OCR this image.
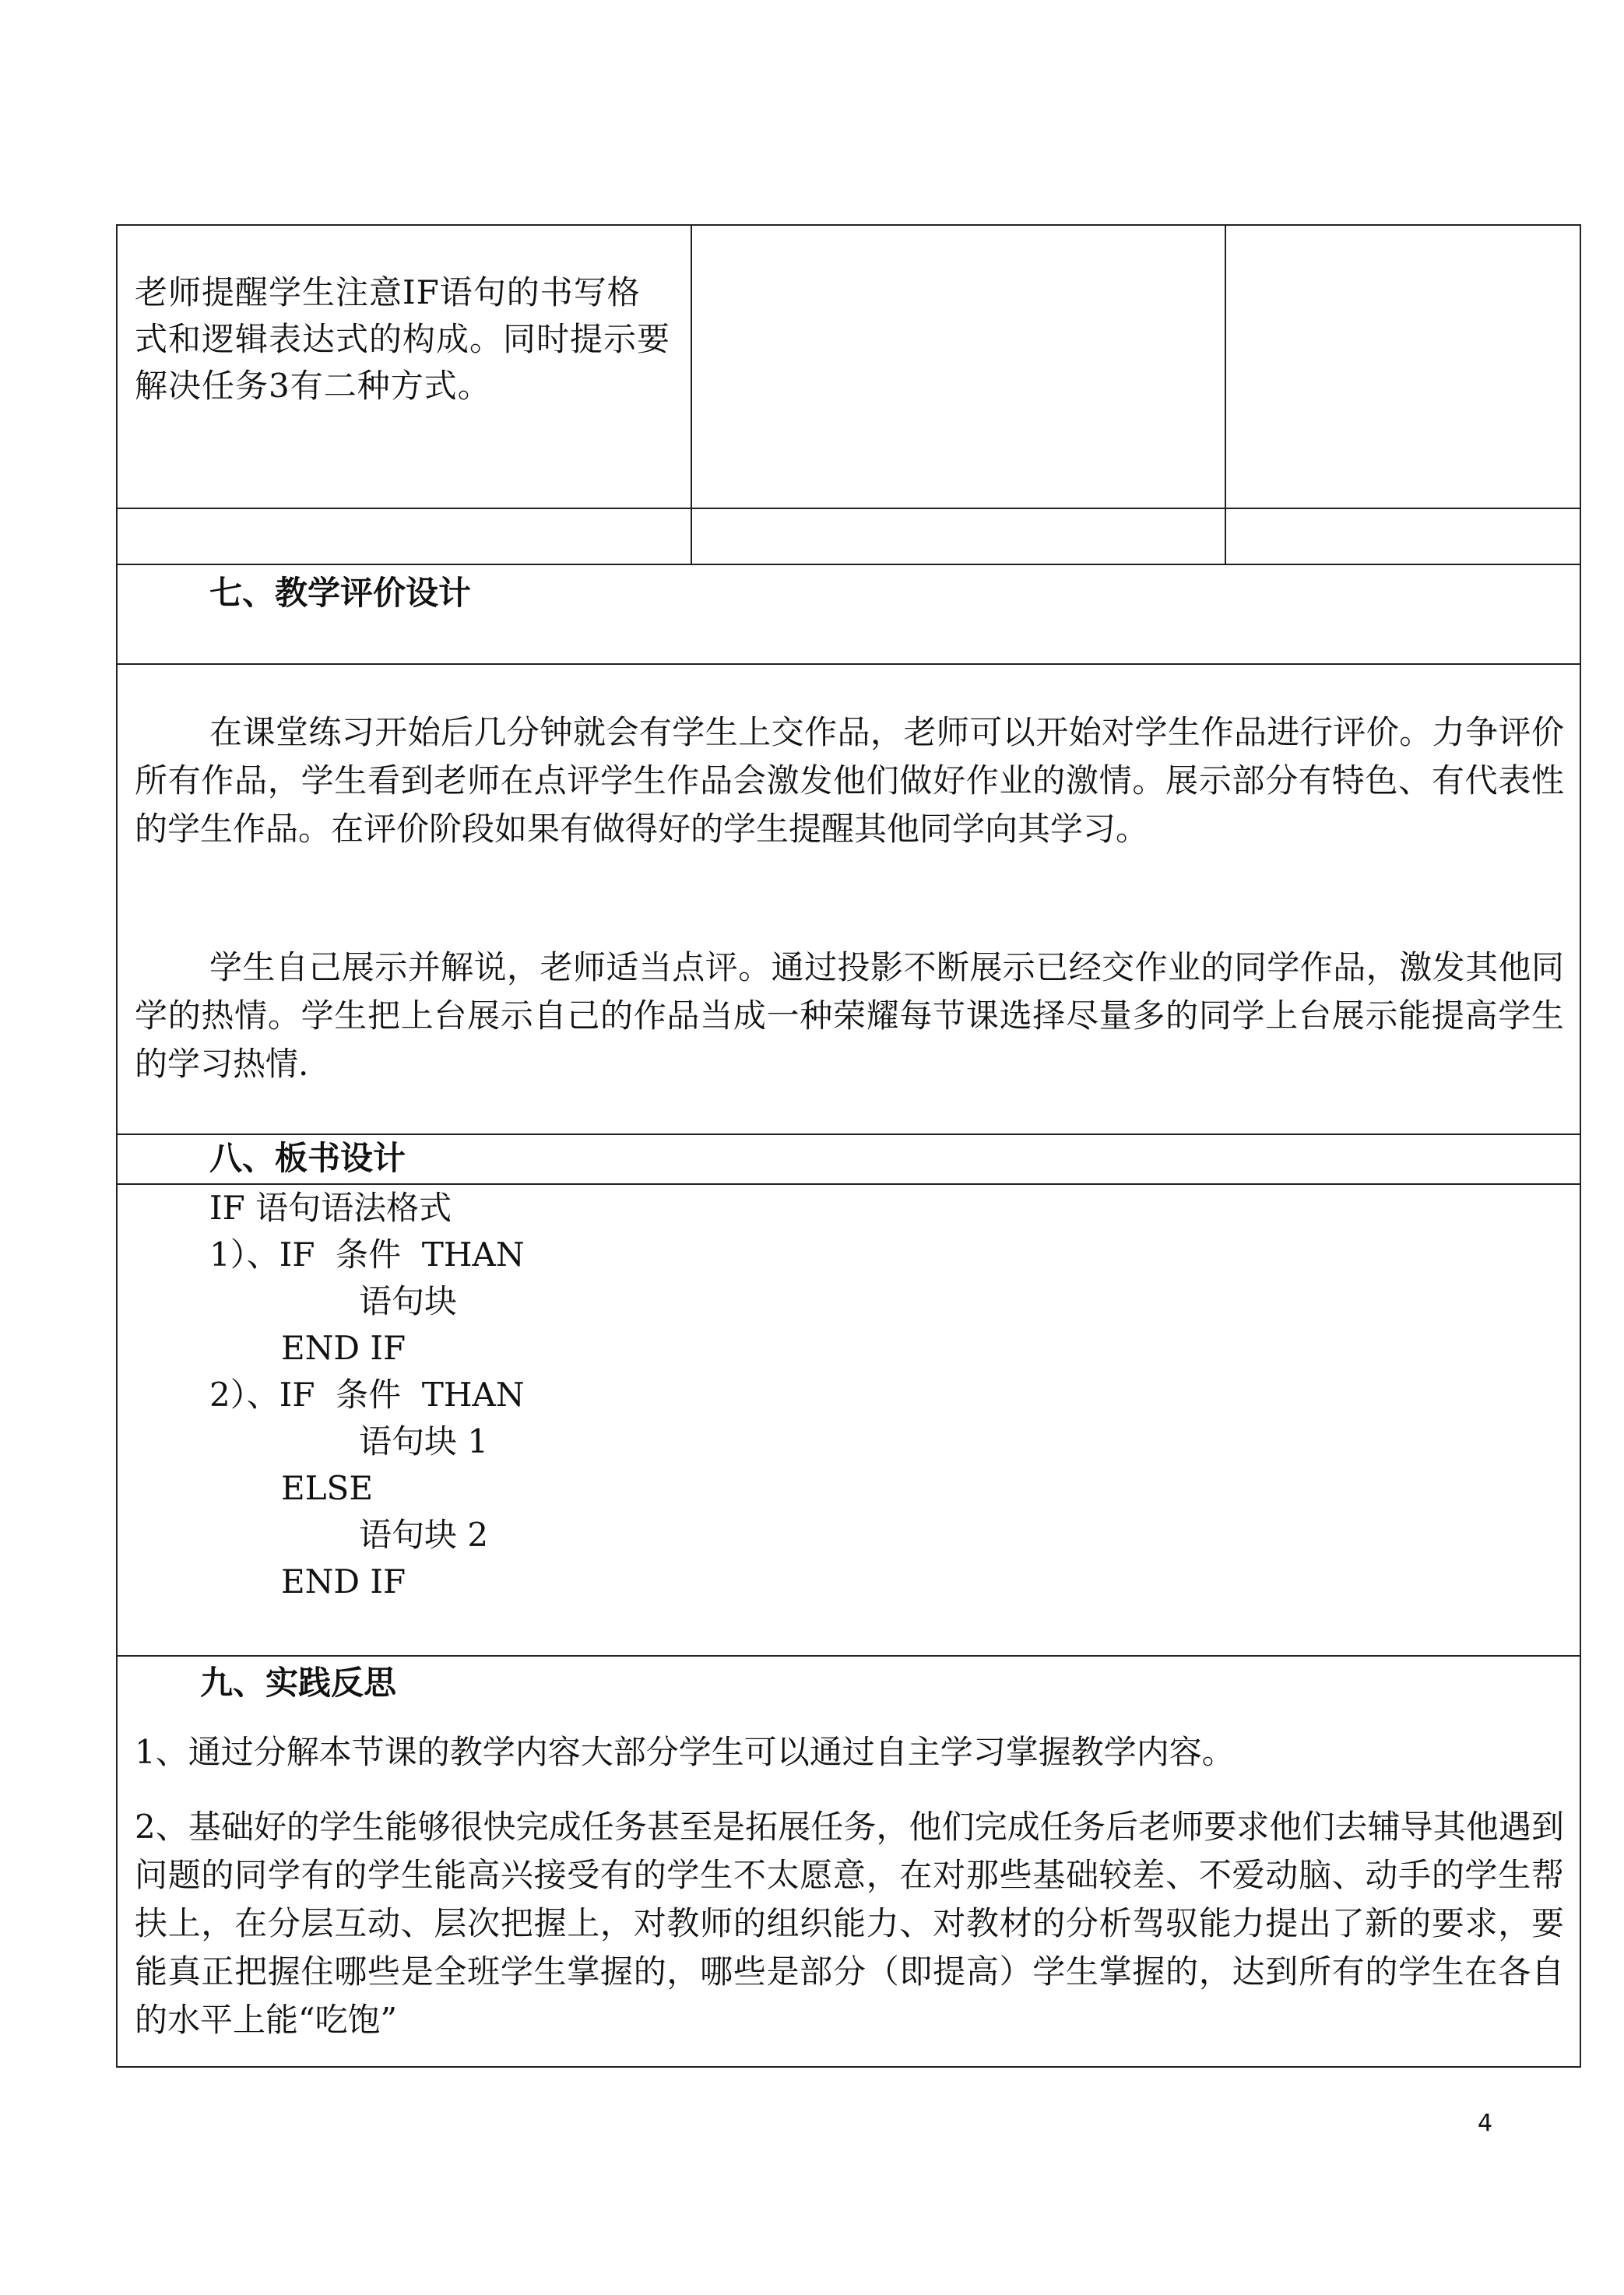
老师提醒学生注意IF语句的书写格式和逻辑表达式的构成。同时提示要解决任务3有二种方式。
七、教学评价设计
在课堂练习开始后几分钟就会有学生上交作品，老师可以开始对学生作品进行评价。力争评价所有作品，学生看到老师在点评学生作品会激发他们做好作业的激情。展示部分有特色、有代表性的学生作品。在评价阶段如果有做得好的学生提醒其他同学向其学习。
学生自己展示并解说，老师适当点评。通过投影不断展示已经交作业的同学作品，激发其他同学的热情。学生把上台展示自己的作品当成一种荣耀每节课选择尽量多的同学上台展示能提高学生的学习热情.
八、板书设计
IF 语句语法格式
1）、IF  条件  THAN
语句块
END IF
2）、IF  条件  THAN
语句块 1
ELSE
语句块 2
END IF
九、实践反思
1、通过分解本节课的教学内容大部分学生可以通过自主学习掌握教学内容。
2、基础好的学生能够很快完成任务甚至是拓展任务，他们完成任务后老师要求他们去辅导其他遇到问题的同学有的学生能高兴接受有的学生不太愿意，在对那些基础较差、不爱动脑、动手的学生帮扶上，在分层互动、层次把握上，对教师的组织能力、对教材的分析驾驭能力提出了新的要求，要能真正把握住哪些是全班学生掌握的，哪些是部分（即提高）学生掌握的，达到所有的学生在各自的水平上能“吃饱”
4
